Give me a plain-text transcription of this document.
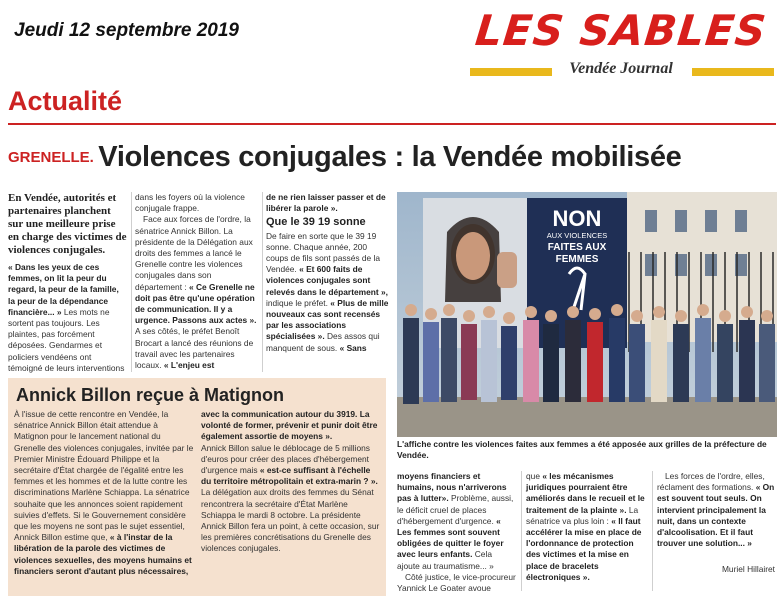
Jeudi 12 septembre 2019	LES SABLES
Vendée Journal
Actualité
GRENELLE. Violences conjugales : la Vendée mobilisée
En Vendée, autorités et partenaires planchent sur une meilleure prise en charge des victimes de violences conjugales.

« Dans les yeux de ces femmes, on lit la peur du regard, la peur de la famille, la peur de la dépendance financière... » Les mots ne sortent pas toujours. Les plaintes, pas forcément déposées. Gendarmes et policiers vendéens ont témoigné de leurs interventions

dans les foyers où la violence conjugale frappe.

Face aux forces de l'ordre, la sénatrice Annick Billon. La présidente de la Délégation aux droits des femmes a lancé le Grenelle contre les violences conjugales dans son département : « Ce Grenelle ne doit pas être qu'une opération de communication. Il y a urgence. Passons aux actes ». A ses côtés, le préfet Benoît Brocart a lancé des réunions de travail avec les partenaires locaux. « L'enjeu est

de ne rien laisser passer et de libérer la parole ».

Que le 39 19 sonne

De faire en sorte que le 39 19 sonne. Chaque année, 200 coups de fils sont passés de la Vendée. « Et 600 faits de violences conjugales sont relevés dans le département », indique le préfet. « Plus de mille nouveaux cas sont recensés par les associations spécialisées ». Des assos qui manquent de sous. « Sans

NON
AUX VIOLENCES
FAITES AUX
FEMMES
L'affiche contre les violences faites aux femmes a été apposée aux grilles de la préfecture de Vendée.
Annick Billon reçue à Matignon

À l'issue de cette rencontre en Vendée, la sénatrice Annick Billon était attendue à Matignon pour le lancement national du Grenelle des violences conjugales, invitée par le Premier Ministre Édouard Philippe et la secrétaire d'État chargée de l'égalité entre les femmes et les hommes et de la lutte contre les discriminations Marlène Schiappa. La sénatrice souhaite que les annonces soient rapidement suivies d'effets. Si le Gouvernement considère que les moyens ne sont pas le sujet essentiel, Annick Billon estime que, « à l'instar de la libération de la parole des victimes de violences sexuelles, des moyens humains et financiers seront d'autant plus nécessaires,

avec la communication autour du 3919. La volonté de former, prévenir et punir doit être également assortie de moyens ».

Annick Billon salue le déblocage de 5 millions d'euros pour créer des places d'hébergement d'urgence mais « est-ce suffisant à l'échelle du territoire métropolitain et extra-marin ? ».

La délégation aux droits des femmes du Sénat rencontrera la secrétaire d'État Marlène Schiappa le mardi 8 octobre. La présidente Annick Billon fera un point, à cette occasion, sur les premières concrétisations du Grenelle des violences conjugales.

moyens financiers et humains, nous n'arriverons pas à lutter». Problème, aussi, le déficit cruel de places d'hébergement d'urgence. « Les femmes sont souvent obligées de quitter le foyer avec leurs enfants. Cela ajoute au traumatisme... »

Côté justice, le vice-procureur Yannick Le Goater avoue

que « les mécanismes juridiques pourraient être améliorés dans le recueil et le traitement de la plainte ». La sénatrice va plus loin : « Il faut accélérer la mise en place de l'ordonnance de protection des victimes et la mise en place de bracelets électroniques ».

Les forces de l'ordre, elles, réclament des formations. « On est souvent tout seuls. On intervient principalement la nuit, dans un contexte d'alcoolisation. Et il faut trouver une solution... »

Muriel Hillairet
